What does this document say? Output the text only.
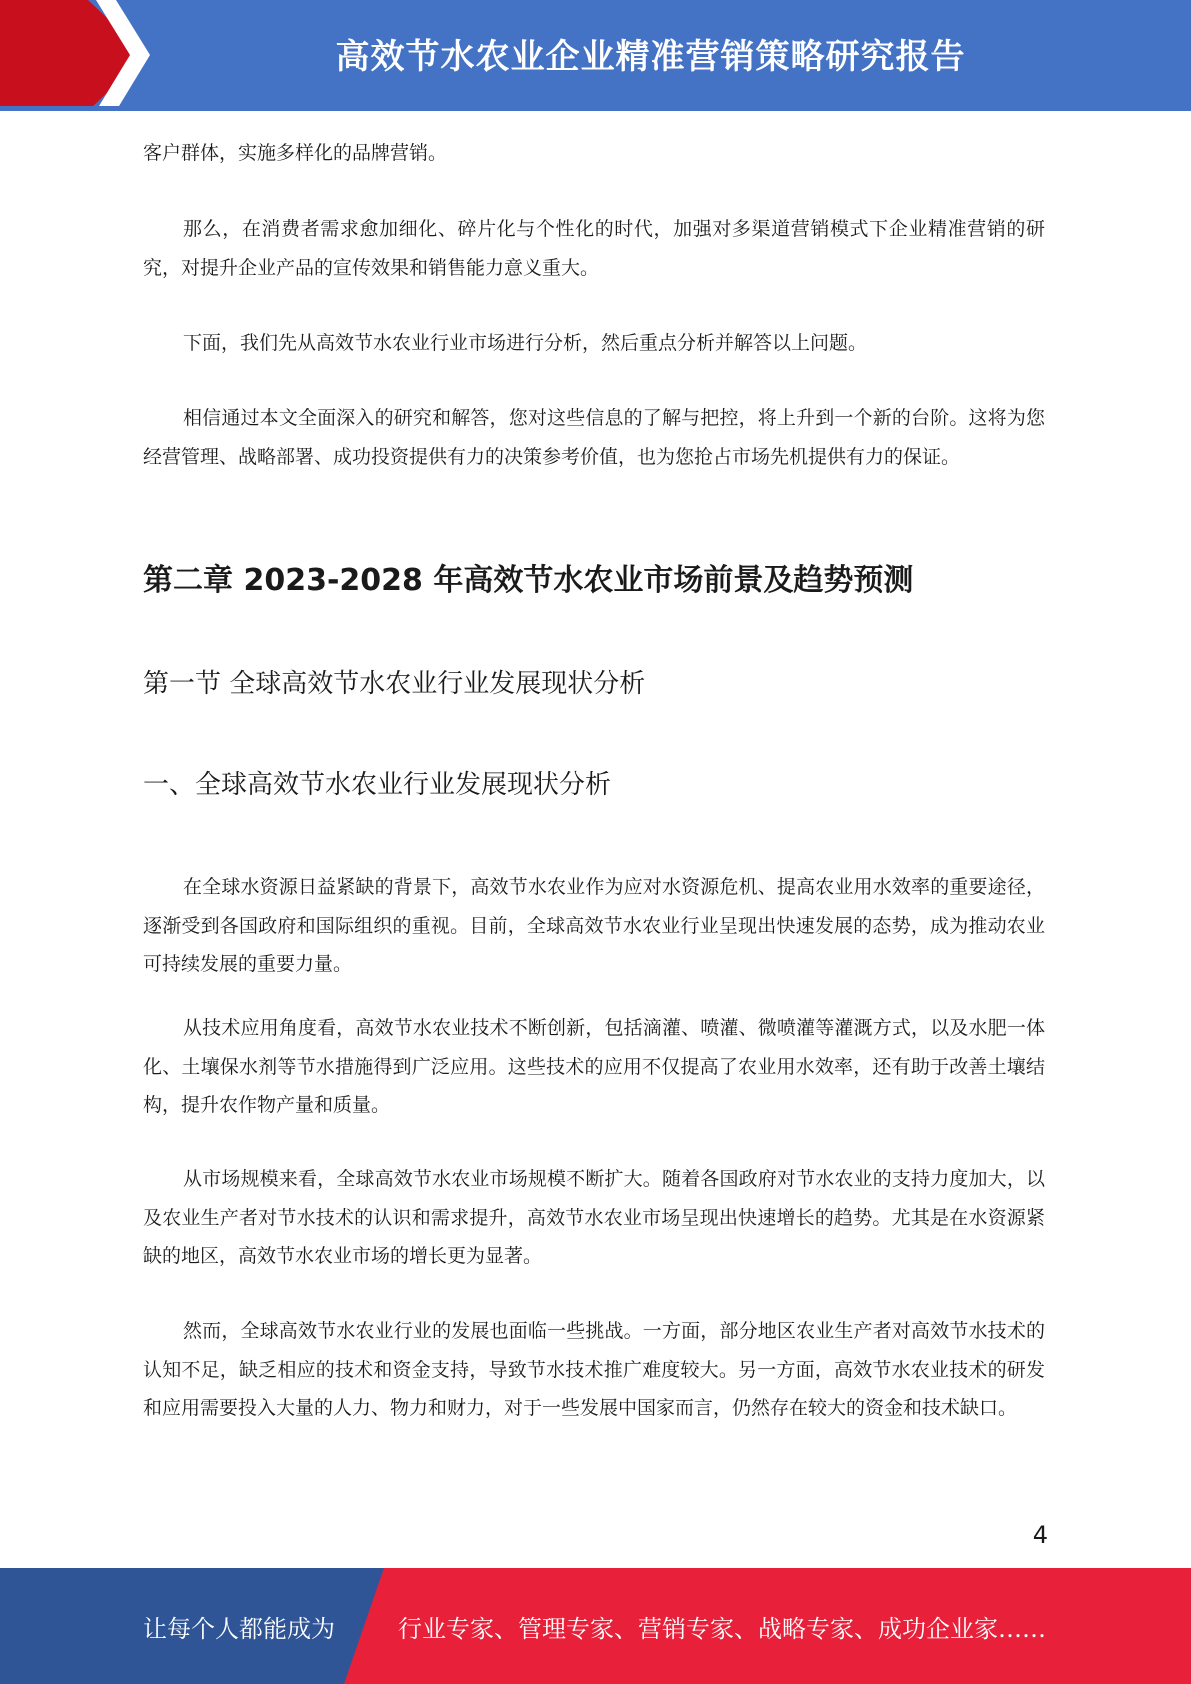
高效节水农业企业精准营销策略研究报告

客户群体，实施多样化的品牌营销。

那么，在消费者需求愈加细化、碎片化与个性化的时代，加强对多渠道营销模式下企业精准营销的研究，对提升企业产品的宣传效果和销售能力意义重大。

下面，我们先从高效节水农业行业市场进行分析，然后重点分析并解答以上问题。

相信通过本文全面深入的研究和解答，您对这些信息的了解与把控，将上升到一个新的台阶。这将为您经营管理、战略部署、成功投资提供有力的决策参考价值，也为您抢占市场先机提供有力的保证。

第二章 2023-2028 年高效节水农业市场前景及趋势预测
第一节 全球高效节水农业行业发展现状分析
一、全球高效节水农业行业发展现状分析

在全球水资源日益紧缺的背景下，高效节水农业作为应对水资源危机、提高农业用水效率的重要途径，逐渐受到各国政府和国际组织的重视。目前，全球高效节水农业行业呈现出快速发展的态势，成为推动农业可持续发展的重要力量。

从技术应用角度看，高效节水农业技术不断创新，包括滴灌、喷灌、微喷灌等灌溉方式，以及水肥一体化、土壤保水剂等节水措施得到广泛应用。这些技术的应用不仅提高了农业用水效率，还有助于改善土壤结构，提升农作物产量和质量。

从市场规模来看，全球高效节水农业市场规模不断扩大。随着各国政府对节水农业的支持力度加大，以及农业生产者对节水技术的认识和需求提升，高效节水农业市场呈现出快速增长的趋势。尤其是在水资源紧缺的地区，高效节水农业市场的增长更为显著。

然而，全球高效节水农业行业的发展也面临一些挑战。一方面，部分地区农业生产者对高效节水技术的认知不足，缺乏相应的技术和资金支持，导致节水技术推广难度较大。另一方面，高效节水农业技术的研发和应用需要投入大量的人力、物力和财力，对于一些发展中国家而言，仍然存在较大的资金和技术缺口。

4
让每个人都能成为	行业专家、管理专家、营销专家、战略专家、成功企业家……
